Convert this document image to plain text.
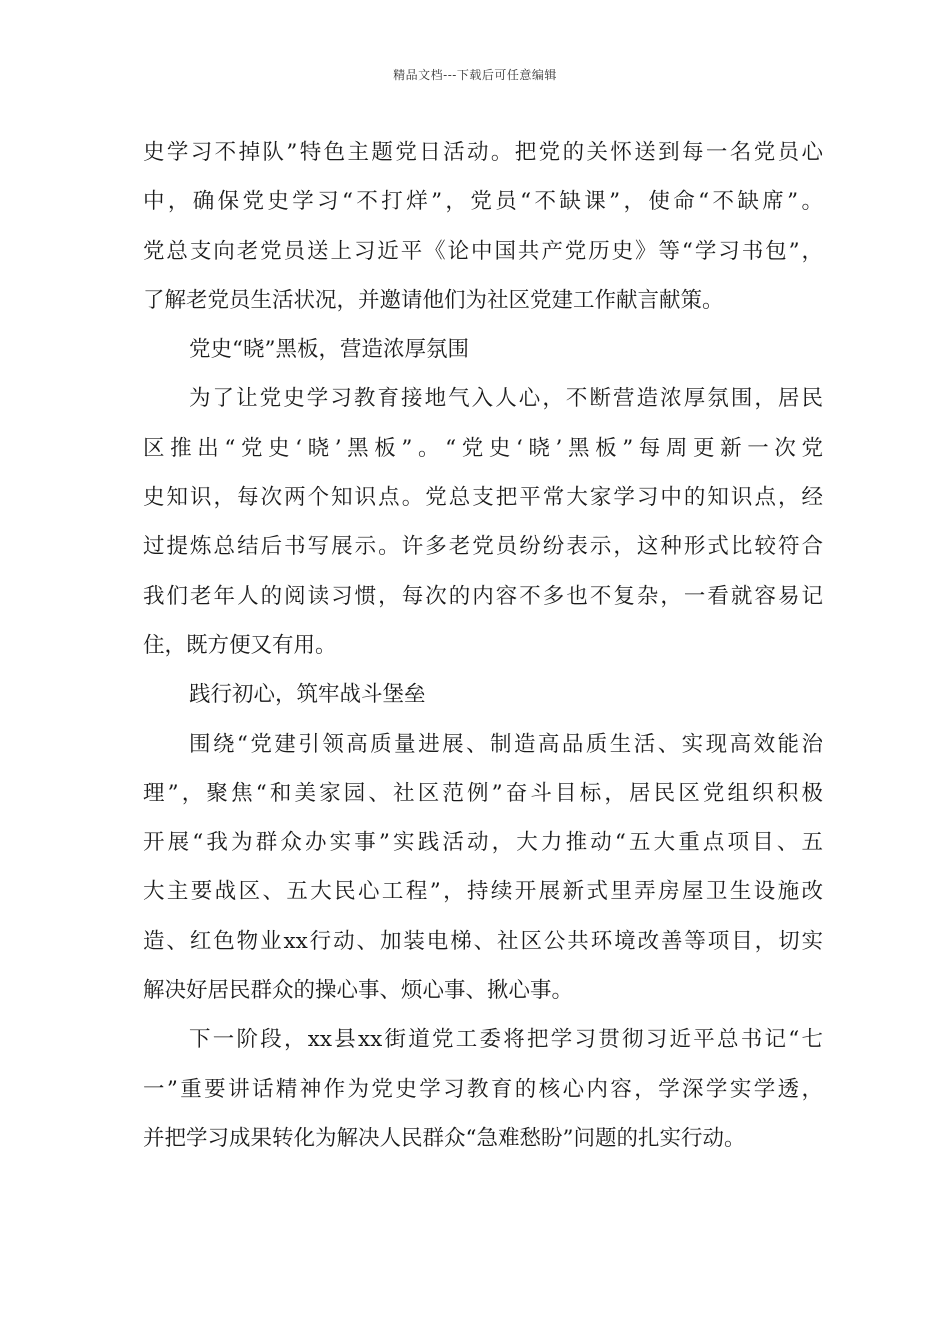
精品文档---下载后可任意编辑
史学习不掉队”特色主题党日活动。把党的关怀送到每一名党员心
中，确保党史学习“不打烊”，党员“不缺课”，使命“不缺席”。
党总支向老党员送上习近平《论中国共产党历史》等“学习书包”，
了解老党员生活状况，并邀请他们为社区党建工作献言献策。
党史“晓”黑板，营造浓厚氛围
为了让党史学习教育接地气入人心，不断营造浓厚氛围，居民
区推出“党史‘晓’黑板”。“党史‘晓’黑板”每周更新一次党
史知识，每次两个知识点。党总支把平常大家学习中的知识点，经
过提炼总结后书写展示。许多老党员纷纷表示，这种形式比较符合
我们老年人的阅读习惯，每次的内容不多也不复杂，一看就容易记
住，既方便又有用。
践行初心，筑牢战斗堡垒
围绕“党建引领高质量进展、制造高品质生活、实现高效能治
理”，聚焦“和美家园、社区范例”奋斗目标，居民区党组织积极
开展“我为群众办实事”实践活动，大力推动“五大重点项目、五
大主要战区、五大民心工程”，持续开展新式里弄房屋卫生设施改
造、红色物业xx行动、加装电梯、社区公共环境改善等项目，切实
解决好居民群众的操心事、烦心事、揪心事。
下一阶段，xx县xx街道党工委将把学习贯彻习近平总书记“七
一”重要讲话精神作为党史学习教育的核心内容，学深学实学透，
并把学习成果转化为解决人民群众“急难愁盼”问题的扎实行动。
